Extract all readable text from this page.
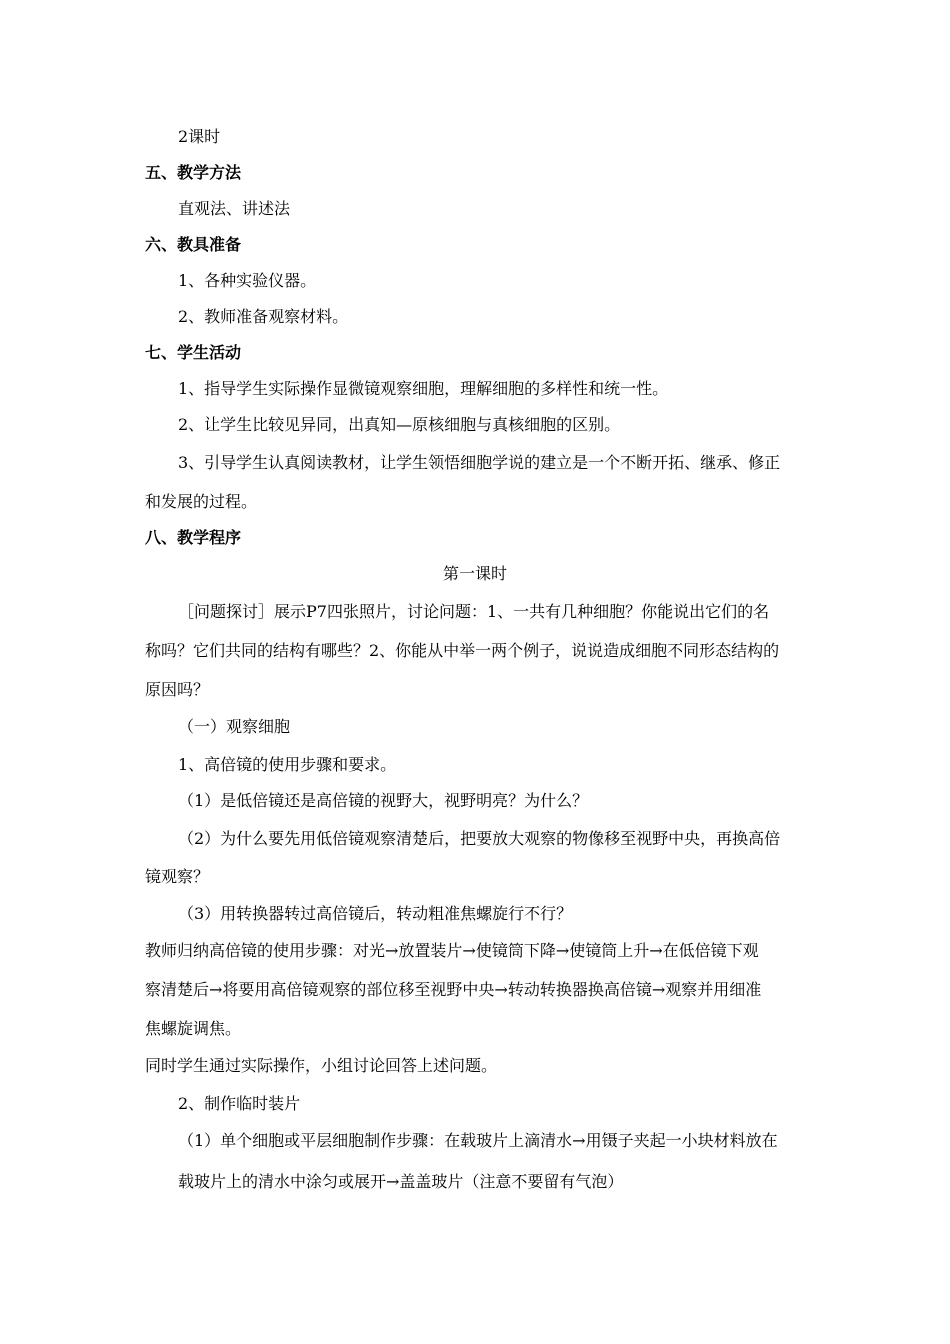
2课时
五、教学方法
直观法、讲述法
六、教具准备
1、各种实验仪器。
2、教师准备观察材料。
七、学生活动
1、指导学生实际操作显微镜观察细胞，理解细胞的多样性和统一性。
2、让学生比较见异同，出真知—原核细胞与真核细胞的区别。
3、引导学生认真阅读教材，让学生领悟细胞学说的建立是一个不断开拓、继承、修正
和发展的过程。
八、教学程序
第一课时
［问题探讨］展示P7四张照片，讨论问题：1、一共有几种细胞？你能说出它们的名
称吗？它们共同的结构有哪些？2、你能从中举一两个例子，说说造成细胞不同形态结构的
原因吗？
（一）观察细胞
1、高倍镜的使用步骤和要求。
（1）是低倍镜还是高倍镜的视野大，视野明亮？为什么？
（2）为什么要先用低倍镜观察清楚后，把要放大观察的物像移至视野中央，再换高倍
镜观察？
（3）用转换器转过高倍镜后，转动粗准焦螺旋行不行？
教师归纳高倍镜的使用步骤：对光→放置装片→使镜筒下降→使镜筒上升→在低倍镜下观
察清楚后→将要用高倍镜观察的部位移至视野中央→转动转换器换高倍镜→观察并用细准
焦螺旋调焦。
同时学生通过实际操作，小组讨论回答上述问题。
2、制作临时装片
（1）单个细胞或平层细胞制作步骤：在载玻片上滴清水→用镊子夹起一小块材料放在
载玻片上的清水中涂匀或展开→盖盖玻片（注意不要留有气泡）
